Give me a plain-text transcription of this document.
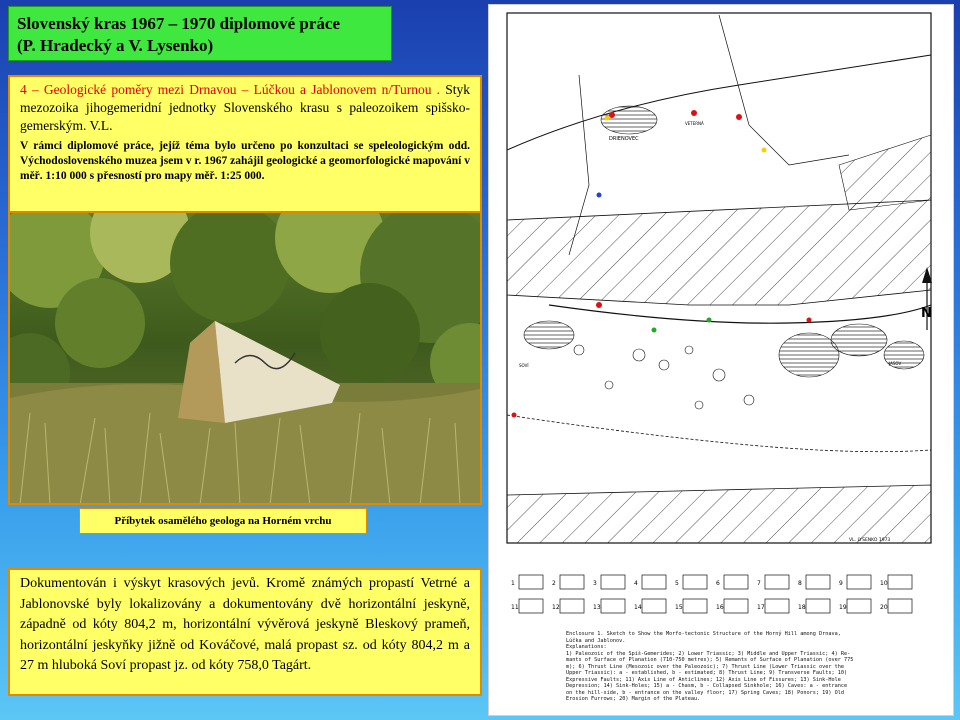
Slovenský kras 1967 – 1970 diplomové práce
(P. Hradecký a V. Lysenko)
4 – Geologické poměry mezi Drnavou – Lúčkou a Jablonovem n/Turnou . Styk mezozoika jihogemeridní jednotky Slovenského krasu s paleozoikem spišsko-gemerským. V.L.
V rámci diplomové práce, jejíž téma bylo určeno po konzultaci se speleologickým odd. Východoslovenského muzea jsem v r. 1967 zahájil geologické a geomorfologické mapování v měř. 1:10 000 s přesností pro mapy měř. 1:25 000.
Příbytek osamělého geologa na Horném vrchu
Dokumentován i výskyt krasových jevů. Kromě známých propastí Vetrné a Jablonovské byly lokalizovány a dokumentovány dvě horizontální jeskyně, západně od kóty 804,2 m, horizontální vývěrová jeskyně Bleskový prameň, horizontální jeskyňky jižně od Kováčové, malá propast sz. od kóty 804,2 m a 27 m hluboká Soví propast jz. od kóty 758,0 Tagárt.
N
DRIENOVEC
VETERNÁ
SOVÍ	JASOV
VL. LYSENKO 1973
1	2	3	4	5	6	7	8	9	10
11	12	13	14	15	16	17	18	19	20
Enclosure 1. Sketch to Show the Morfo-tectonic Structure of the Horný Hill among Drnava,
Lúčka and Jablonov.
Explanations:
1) Paleozoic of the Spiš-Gemerides; 2) Lower Triassic; 3) Middle and Upper Triassic; 4) Re-
mants of Surface of Planation (710-750 metres); 5) Remants of Surface of Planation (over 775
m); 6) Thrust Line (Mesozoic over the Paleozoic); 7) Thrust Line (Lower Triassic over the
Upper Triassic): a - established, b - estimated; 8) Thrust Line; 9) Transverse Faults; 10)
Expressive Faults; 11) Axis Line of Anticlines; 12) Axis Line of Fissures; 13) Sink-Hole
Depression; 14) Sink-Holes; 15) a - Chasm, b - Collapsed Sinkhole; 16) Caves: a - entrance
on the hill-side, b - entrance on the valley floor; 17) Spring Caves; 18) Ponors; 19) Old
Erosion Furrows; 20) Margin of the Plateau.
